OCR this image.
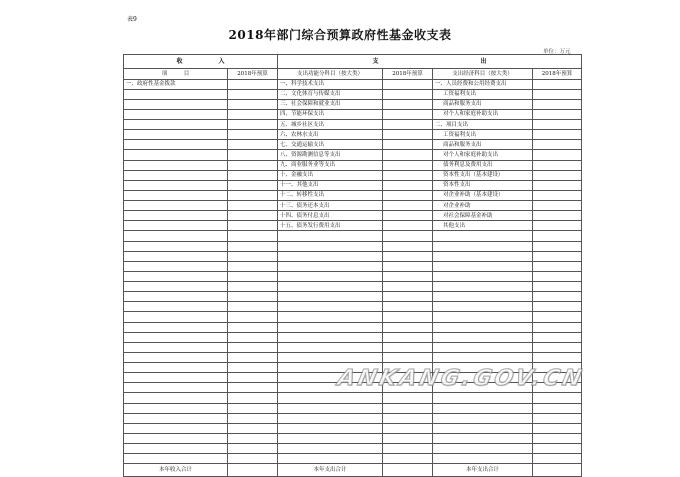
表9
2018年部门综合预算政府性基金收支表
单位：万元
收　　　　　　入		支　　　　　　　　　　　　　　　　　出			
项　　　目	2018年预算	支出功能分科目（按大类）	2018年预算	支出经济科目（按大类）	2018年预算
一、政府性基金拨款		一、科学技术支出		一、人员经费和公用经费支出	
		二、文化体育与传媒支出		工资福利支出	
		三、社会保障和就业支出		商品和服务支出	
		四、节能环保支出		对个人和家庭补助支出	
		五、城乡社区支出		二、项目支出	
		六、农林水支出		工资福利支出	
		七、交通运输支出		商品和服务支出	
		八、资源勘测信息等支出		对个人和家庭补助支出	
		九、商业服务业等支出		债务利息及费用支出	
		十、金融支出		资本性支出（基本建设）	
		十一、其他支出		资本性支出	
		十二、转移性支出		对企业补助（基本建设）	
		十三、债务还本支出		对企业补助	
		十四、债务付息支出		对社会保障基金补助	
		十五、债务发行费用支出		其他支出	

本年收入合计		本年支出合计		本年支出合计	
ANKANG.GOV.CN
